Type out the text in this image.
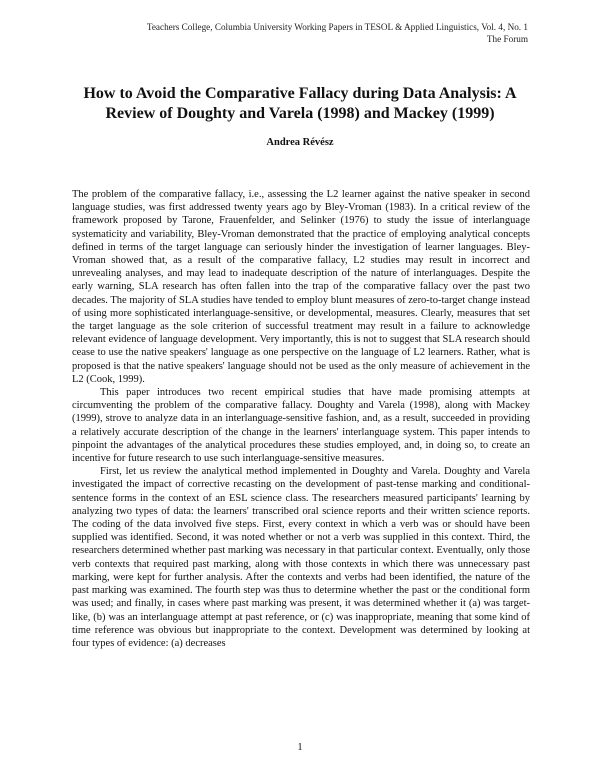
Teachers College, Columbia University Working Papers in TESOL & Applied Linguistics, Vol. 4, No. 1
The Forum
How to Avoid the Comparative Fallacy during Data Analysis: A
Review of Doughty and Varela (1998) and Mackey (1999)
Andrea Révész

The problem of the comparative fallacy, i.e., assessing the L2 learner against the native speaker in second language studies, was first addressed twenty years ago by Bley-Vroman (1983). In a critical review of the framework proposed by Tarone, Frauenfelder, and Selinker (1976) to study the issue of interlanguage systematicity and variability, Bley-Vroman demonstrated that the practice of employing analytical concepts defined in terms of the target language can seriously hinder the investigation of learner languages. Bley-Vroman showed that, as a result of the comparative fallacy, L2 studies may result in incorrect and unrevealing analyses, and may lead to inadequate description of the nature of interlanguages. Despite the early warning, SLA research has often fallen into the trap of the comparative fallacy over the past two decades. The majority of SLA studies have tended to employ blunt measures of zero-to-target change instead of using more sophisticated interlanguage-sensitive, or developmental, measures. Clearly, measures that set the target language as the sole criterion of successful treatment may result in a failure to acknowledge relevant evidence of language development. Very importantly, this is not to suggest that SLA research should cease to use the native speakers' language as one perspective on the language of L2 learners. Rather, what is proposed is that the native speakers' language should not be used as the only measure of achievement in the L2 (Cook, 1999).

This paper introduces two recent empirical studies that have made promising attempts at circumventing the problem of the comparative fallacy. Doughty and Varela (1998), along with Mackey (1999), strove to analyze data in an interlanguage-sensitive fashion, and, as a result, succeeded in providing a relatively accurate description of the change in the learners' interlanguage system. This paper intends to pinpoint the advantages of the analytical procedures these studies employed, and, in doing so, to create an incentive for future research to use such interlanguage-sensitive measures.

First, let us review the analytical method implemented in Doughty and Varela. Doughty and Varela investigated the impact of corrective recasting on the development of past-tense marking and conditional-sentence forms in the context of an ESL science class. The researchers measured participants' learning by analyzing two types of data: the learners' transcribed oral science reports and their written science reports. The coding of the data involved five steps. First, every context in which a verb was or should have been supplied was identified. Second, it was noted whether or not a verb was supplied in this context. Third, the researchers determined whether past marking was necessary in that particular context. Eventually, only those verb contexts that required past marking, along with those contexts in which there was unnecessary past marking, were kept for further analysis. After the contexts and verbs had been identified, the nature of the past marking was examined. The fourth step was thus to determine whether the past or the conditional form was used; and finally, in cases where past marking was present, it was determined whether it (a) was target-like, (b) was an interlanguage attempt at past reference, or (c) was inappropriate, meaning that some kind of time reference was obvious but inappropriate to the context. Development was determined by looking at four types of evidence: (a) decreases

1
